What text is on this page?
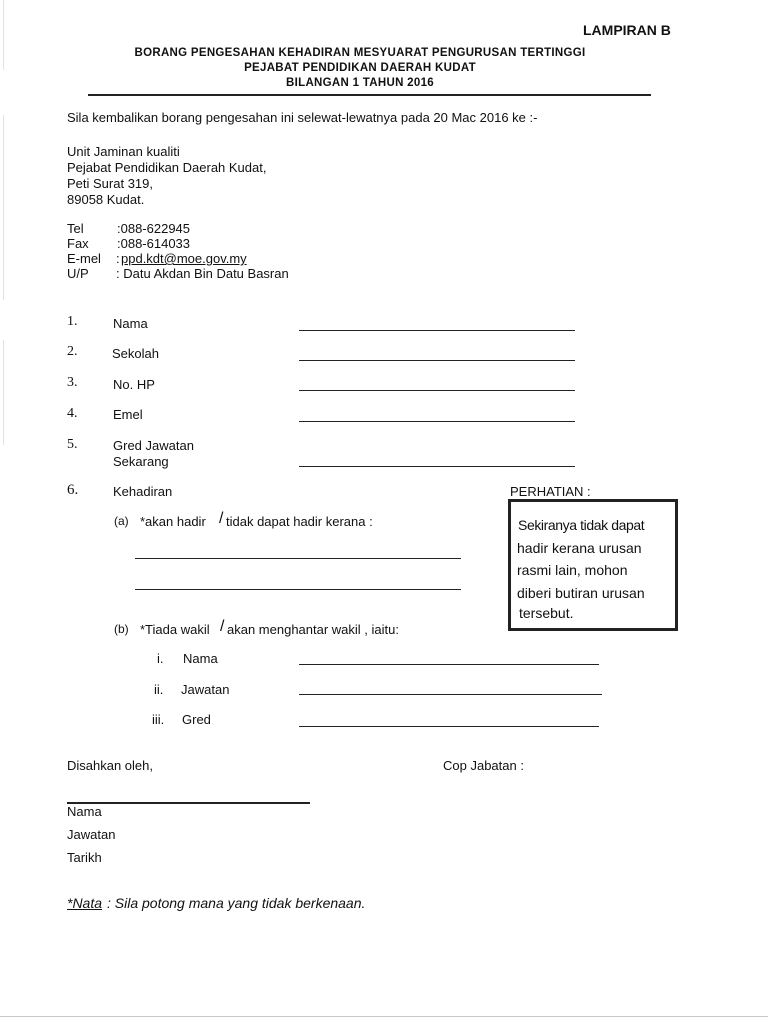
LAMPIRAN B
BORANG PENGESAHAN KEHADIRAN MESYUARAT PENGURUSAN TERTINGGI
PEJABAT PENDIDIKAN DAERAH KUDAT
BILANGAN 1 TAHUN 2016
Sila kembalikan borang pengesahan ini selewat-lewatnya pada 20 Mac 2016 ke :-
Unit Jaminan kualiti
Pejabat Pendidikan Daerah Kudat,
Peti Surat 319,
89058 Kudat.
Tel	:088-622945
Fax :088-614033
E-mel : ppd.kdt@moe.gov.my
U/P : Datu Akdan Bin Datu Basran
1.	Nama
2.	Sekolah
3.	No. HP
4.	Emel
5.	Gred Jawatan
Sekarang
6.	Kehadiran
(a) *akan hadir / tidak dapat hadir kerana :
(b) *Tiada wakil / akan menghantar wakil , iaitu:
i. Nama
ii. Jawatan
iii. Gred
PERHATIAN :
Sekiranya tidak dapat
hadir kerana urusan
rasmi lain, mohon
diberi butiran urusan
tersebut.
Disahkan oleh,	Cop Jabatan :
Nama
Jawatan
Tarikh
*Nata : Sila potong mana yang tidak berkenaan.
